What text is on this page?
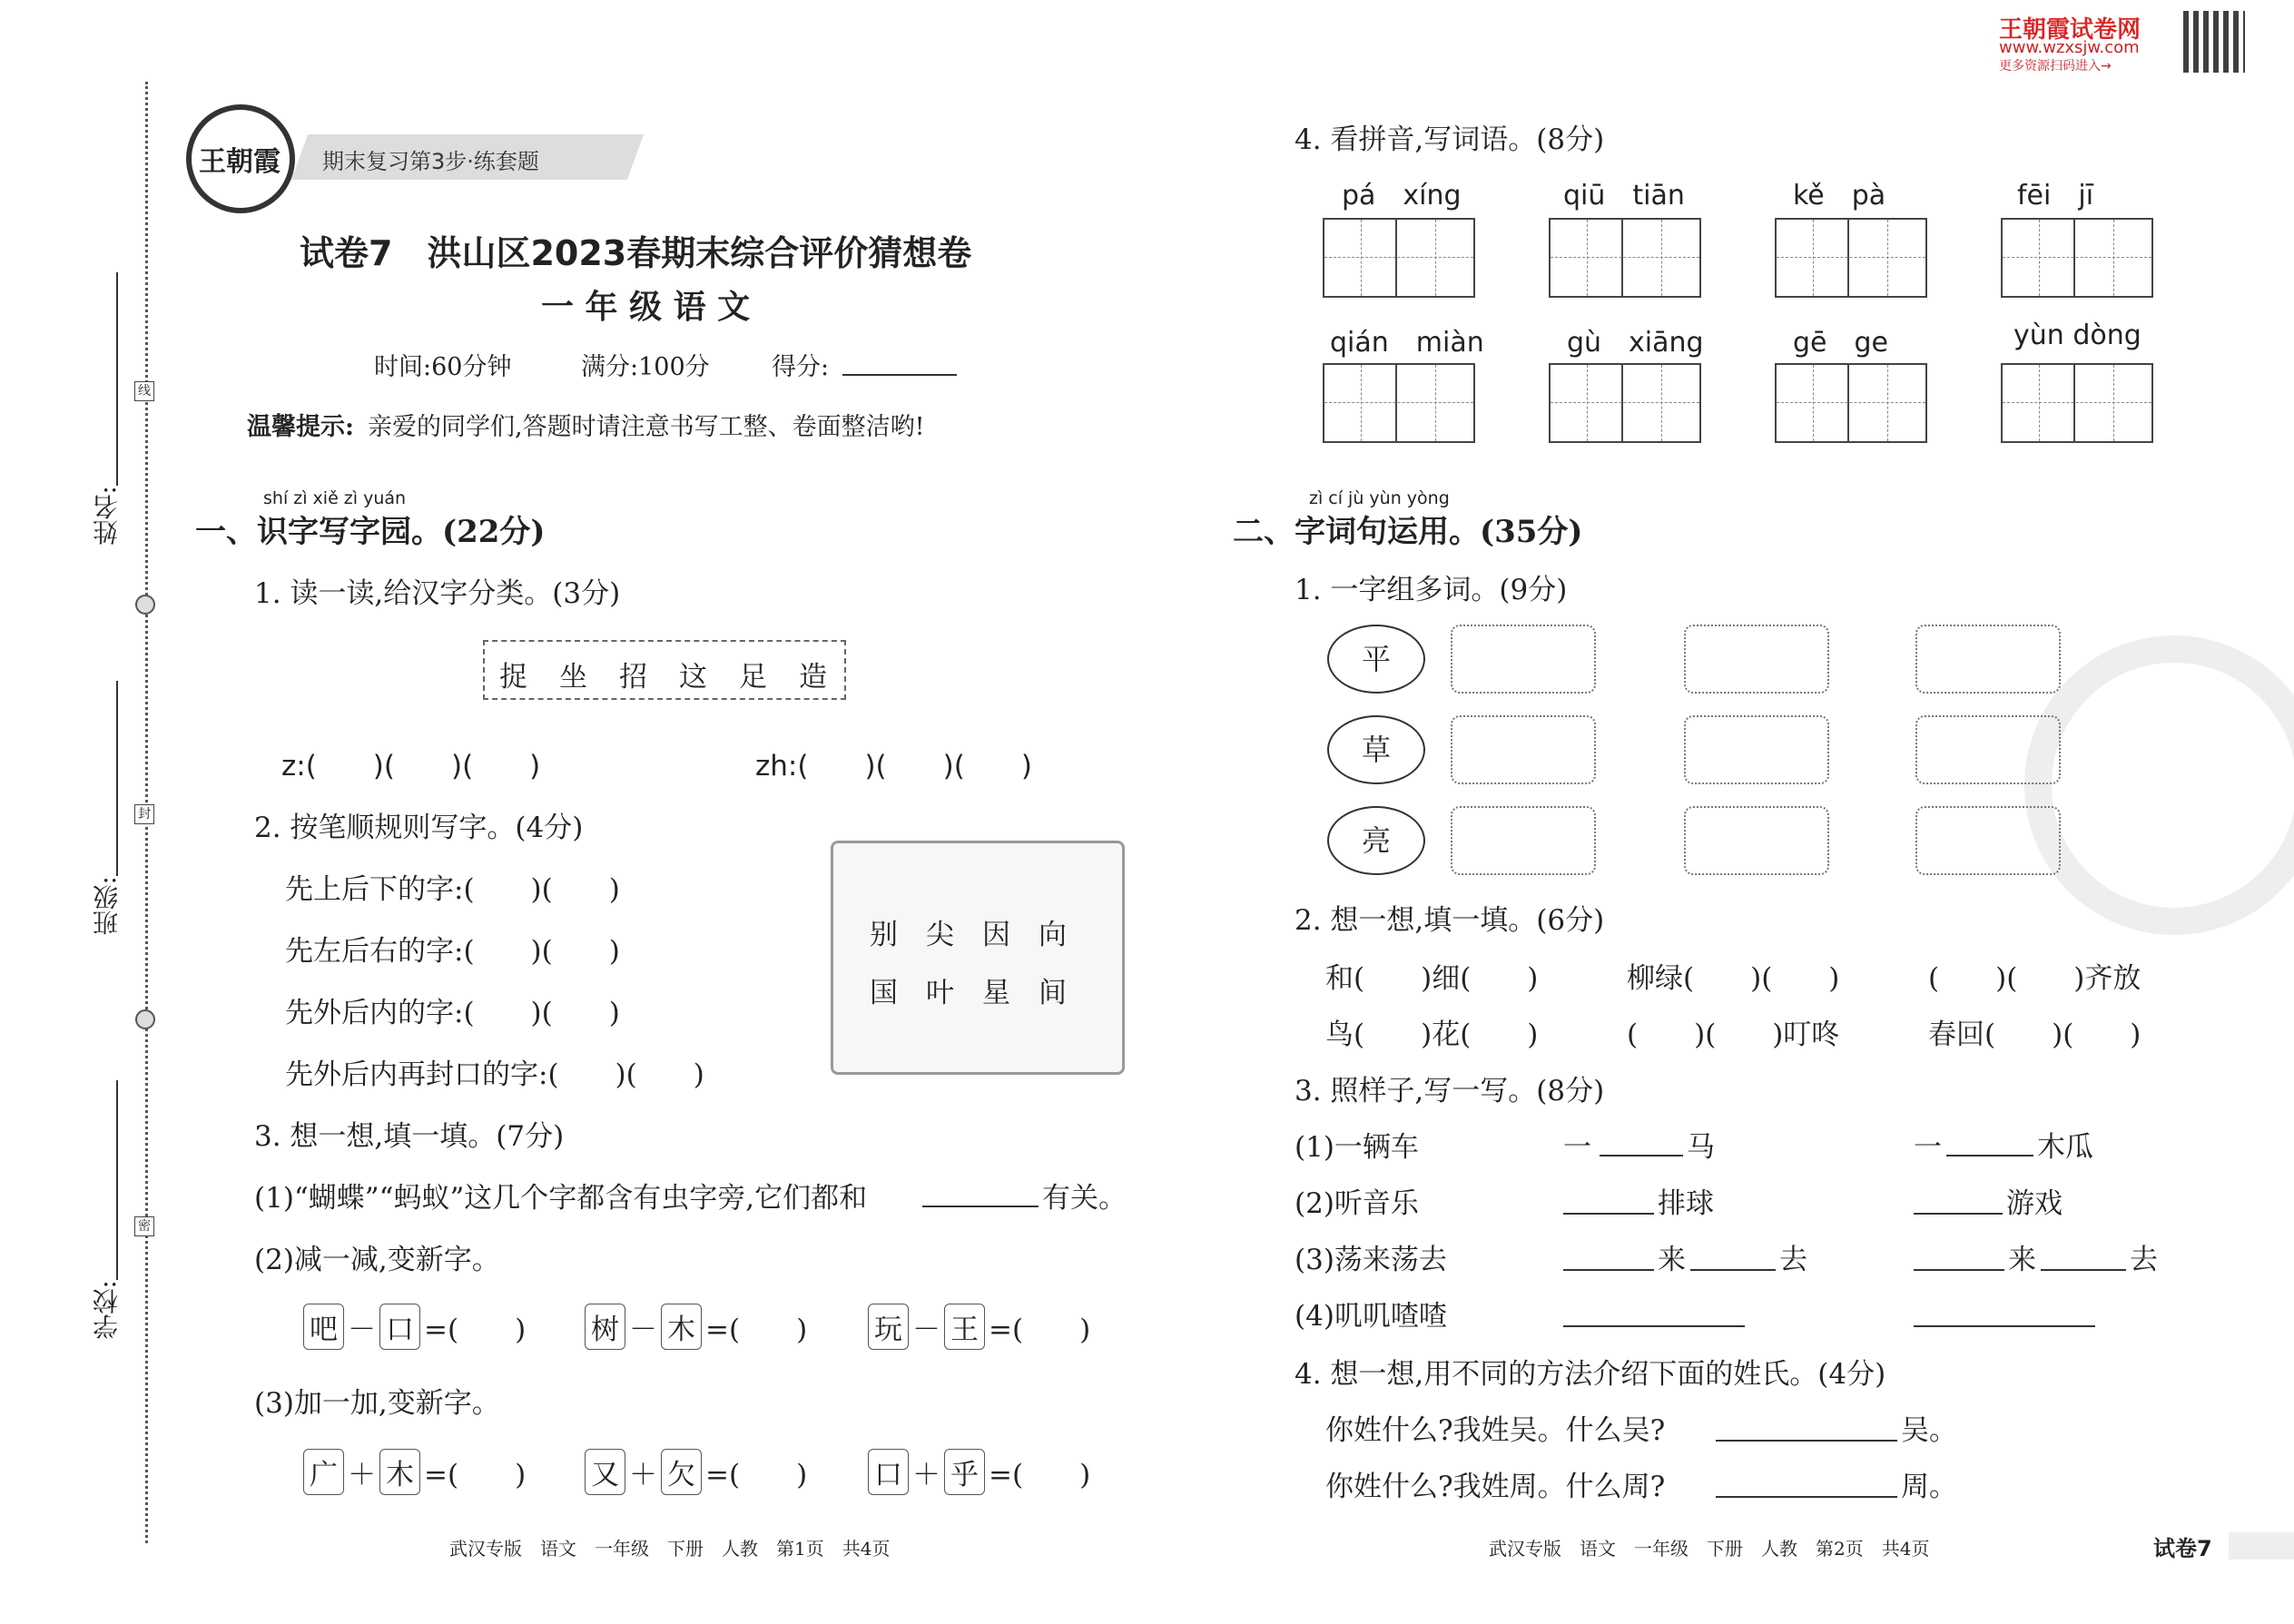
王朝霞试卷网
www.wzxsjw.com
更多资源扫码进入→
线
封
密
姓名:
班级:
学校:
王朝霞 期末复习第3步·练套题
试卷7　洪山区2023春期末综合评价猜想卷
一 年 级 语 文
时间:60分钟	满分:100分	得分:
温馨提示: 亲爱的同学们,答题时请注意书写工整、卷面整洁哟!
shí zì xiě zì yuán
一、识字写字园。(22分)
1. 读一读,给汉字分类。(3分)
捉 坐 招 这 足 造
z:(　　)(　　)(　　)	zh:(　　)(　　)(　　)
2. 按笔顺规则写字。(4分)
先上后下的字:(　　)(　　)
先左后右的字:(　　)(　　)
先外后内的字:(　　)(　　)
先外后内再封口的字:(　　)(　　)
别　尖　因　向
国　叶　星　间
3. 想一想,填一填。(7分)
(1)“蝴蝶”“蚂蚁”这几个字都含有虫字旁,它们都和	有关。
(2)减一减,变新字。
吧 － 口 =(　　)	树 － 木 =(　　)	玩 － 王 =(　　)
(3)加一加,变新字。
广 ＋ 木 =(　　)	又 ＋ 欠 =(　　)	口 ＋ 乎 =(　　)
武汉专版　语文　一年级　下册　人教　第1页　共4页
4. 看拼音,写词语。(8分)
pá　xíng	qiū　tiān	kě　pà	fēi　jī
qián　miàn	gù　xiāng	gē　ge	yùn dòng
zì cí jù yùn yòng
二、字词句运用。(35分)
1. 一字组多词。(9分)
平
草
亮
2. 想一想,填一填。(6分)
和(　　)细(　　)	柳绿(　　)(　　)	(　　)(　　)齐放
鸟(　　)花(　　)	(　　)(　　)叮咚	春回(　　)(　　)
3. 照样子,写一写。(8分)
(1)一辆车	一	马	一	木瓜
(2)听音乐	排球	游戏
(3)荡来荡去	来	去	来	去
(4)叽叽喳喳
4. 想一想,用不同的方法介绍下面的姓氏。(4分)
你姓什么?我姓吴。什么吴?	吴。
你姓什么?我姓周。什么周?	周。
武汉专版　语文　一年级　下册　人教　第2页　共4页	试卷7
